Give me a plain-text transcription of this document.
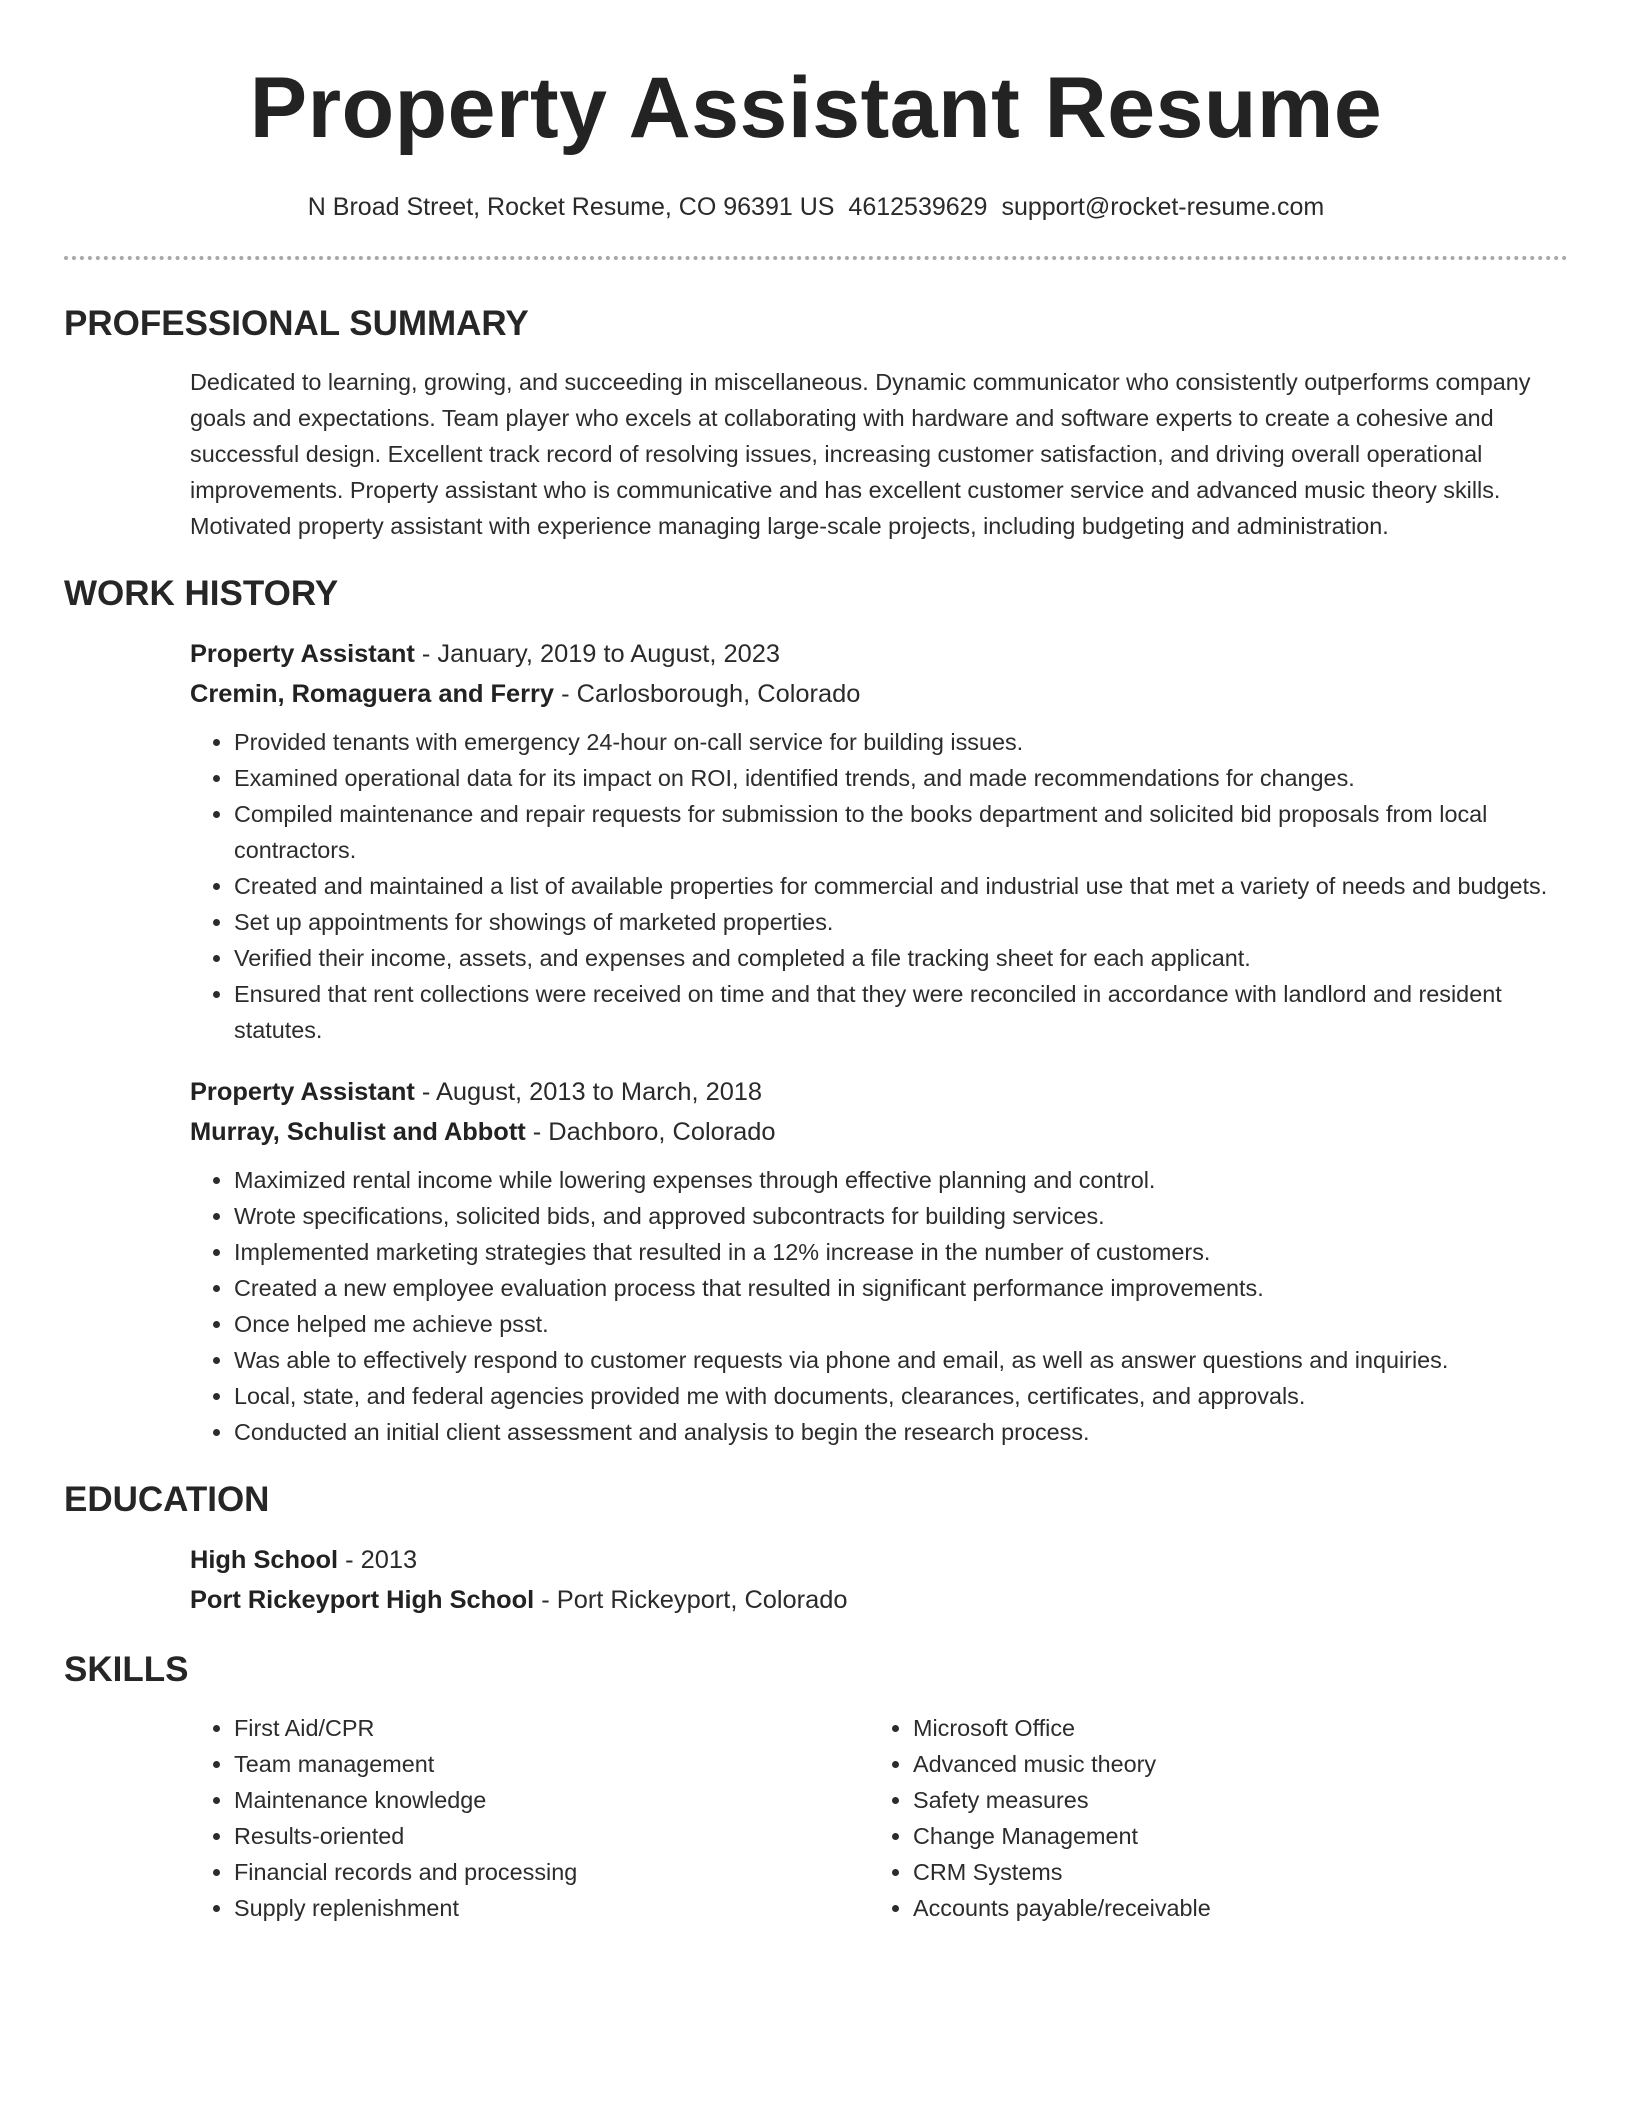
Property Assistant Resume
N Broad Street, Rocket Resume, CO 96391 US 4612539629 support@rocket-resume.com
PROFESSIONAL SUMMARY

Dedicated to learning, growing, and succeeding in miscellaneous. Dynamic communicator who consistently outperforms company goals and expectations. Team player who excels at collaborating with hardware and software experts to create a cohesive and successful design. Excellent track record of resolving issues, increasing customer satisfaction, and driving overall operational improvements. Property assistant who is communicative and has excellent customer service and advanced music theory skills. Motivated property assistant with experience managing large-scale projects, including budgeting and administration.

WORK HISTORY

Property Assistant - January, 2019 to August, 2023

Cremin, Romaguera and Ferry - Carlosborough, Colorado

• Provided tenants with emergency 24-hour on-call service for building issues.
• Examined operational data for its impact on ROI, identified trends, and made recommendations for changes.
• Compiled maintenance and repair requests for submission to the books department and solicited bid proposals from local contractors.
• Created and maintained a list of available properties for commercial and industrial use that met a variety of needs and budgets.
• Set up appointments for showings of marketed properties.
• Verified their income, assets, and expenses and completed a file tracking sheet for each applicant.
• Ensured that rent collections were received on time and that they were reconciled in accordance with landlord and resident statutes.

Property Assistant - August, 2013 to March, 2018

Murray, Schulist and Abbott - Dachboro, Colorado

• Maximized rental income while lowering expenses through effective planning and control.
• Wrote specifications, solicited bids, and approved subcontracts for building services.
• Implemented marketing strategies that resulted in a 12% increase in the number of customers.
• Created a new employee evaluation process that resulted in significant performance improvements.
• Once helped me achieve psst.
• Was able to effectively respond to customer requests via phone and email, as well as answer questions and inquiries.
• Local, state, and federal agencies provided me with documents, clearances, certificates, and approvals.
• Conducted an initial client assessment and analysis to begin the research process.
EDUCATION

High School - 2013

Port Rickeyport High School - Port Rickeyport, Colorado

SKILLS
• First Aid/CPR
• Team management
• Maintenance knowledge
• Results-oriented
• Financial records and processing
• Supply replenishment
• Microsoft Office
• Advanced music theory
• Safety measures
• Change Management
• CRM Systems
• Accounts payable/receivable
